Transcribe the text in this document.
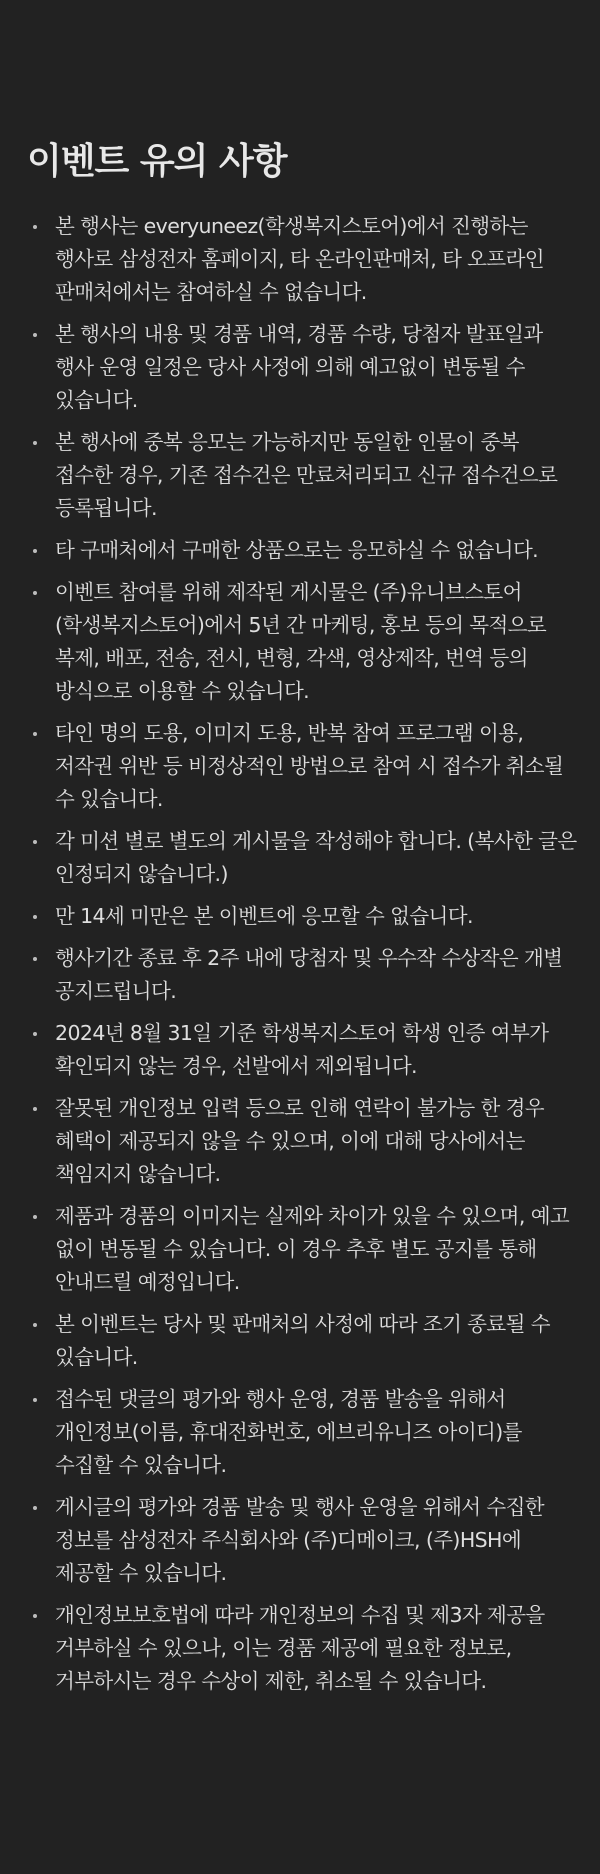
이벤트 유의 사항
본 행사는 everyuneez(학생복지스토어)에서 진행하는 행사로 삼성전자 홈페이지, 타 온라인판매처, 타 오프라인 판매처에서는 참여하실 수 없습니다.
본 행사의 내용 및 경품 내역, 경품 수량, 당첨자 발표일과 행사 운영 일정은 당사 사정에 의해 예고없이 변동될 수 있습니다.
본 행사에 중복 응모는 가능하지만 동일한 인물이 중복 접수한 경우, 기존 접수건은 만료처리되고 신규 접수건으로 등록됩니다.
타 구매처에서 구매한 상품으로는 응모하실 수 없습니다.
이벤트 참여를 위해 제작된 게시물은 (주)유니브스토어(학생복지스토어)에서 5년 간 마케팅, 홍보 등의 목적으로 복제, 배포, 전송, 전시, 변형, 각색, 영상제작, 번역 등의 방식으로 이용할 수 있습니다.
타인 명의 도용, 이미지 도용, 반복 참여 프로그램 이용, 저작권 위반 등 비정상적인 방법으로 참여 시 접수가 취소될 수 있습니다.
각 미션 별로 별도의 게시물을 작성해야 합니다. (복사한 글은 인정되지 않습니다.)
만 14세 미만은 본 이벤트에 응모할 수 없습니다.
행사기간 종료 후 2주 내에 당첨자 및 우수작 수상작은 개별 공지드립니다.
2024년 8월 31일 기준 학생복지스토어 학생 인증 여부가 확인되지 않는 경우, 선발에서 제외됩니다.
잘못된 개인정보 입력 등으로 인해 연락이 불가능 한 경우 혜택이 제공되지 않을 수 있으며, 이에 대해 당사에서는 책임지지 않습니다.
제품과 경품의 이미지는 실제와 차이가 있을 수 있으며, 예고 없이 변동될 수 있습니다. 이 경우 추후 별도 공지를 통해 안내드릴 예정입니다.
본 이벤트는 당사 및 판매처의 사정에 따라 조기 종료될 수 있습니다.
접수된 댓글의 평가와 행사 운영, 경품 발송을 위해서 개인정보(이름, 휴대전화번호, 에브리유니즈 아이디)를 수집할 수 있습니다.
게시글의 평가와 경품 발송 및 행사 운영을 위해서 수집한 정보를 삼성전자 주식회사와 (주)디메이크, (주)HSH에 제공할 수 있습니다.
개인정보보호법에 따라 개인정보의 수집 및 제3자 제공을 거부하실 수 있으나, 이는 경품 제공에 필요한 정보로, 거부하시는 경우 수상이 제한, 취소될 수 있습니다.
